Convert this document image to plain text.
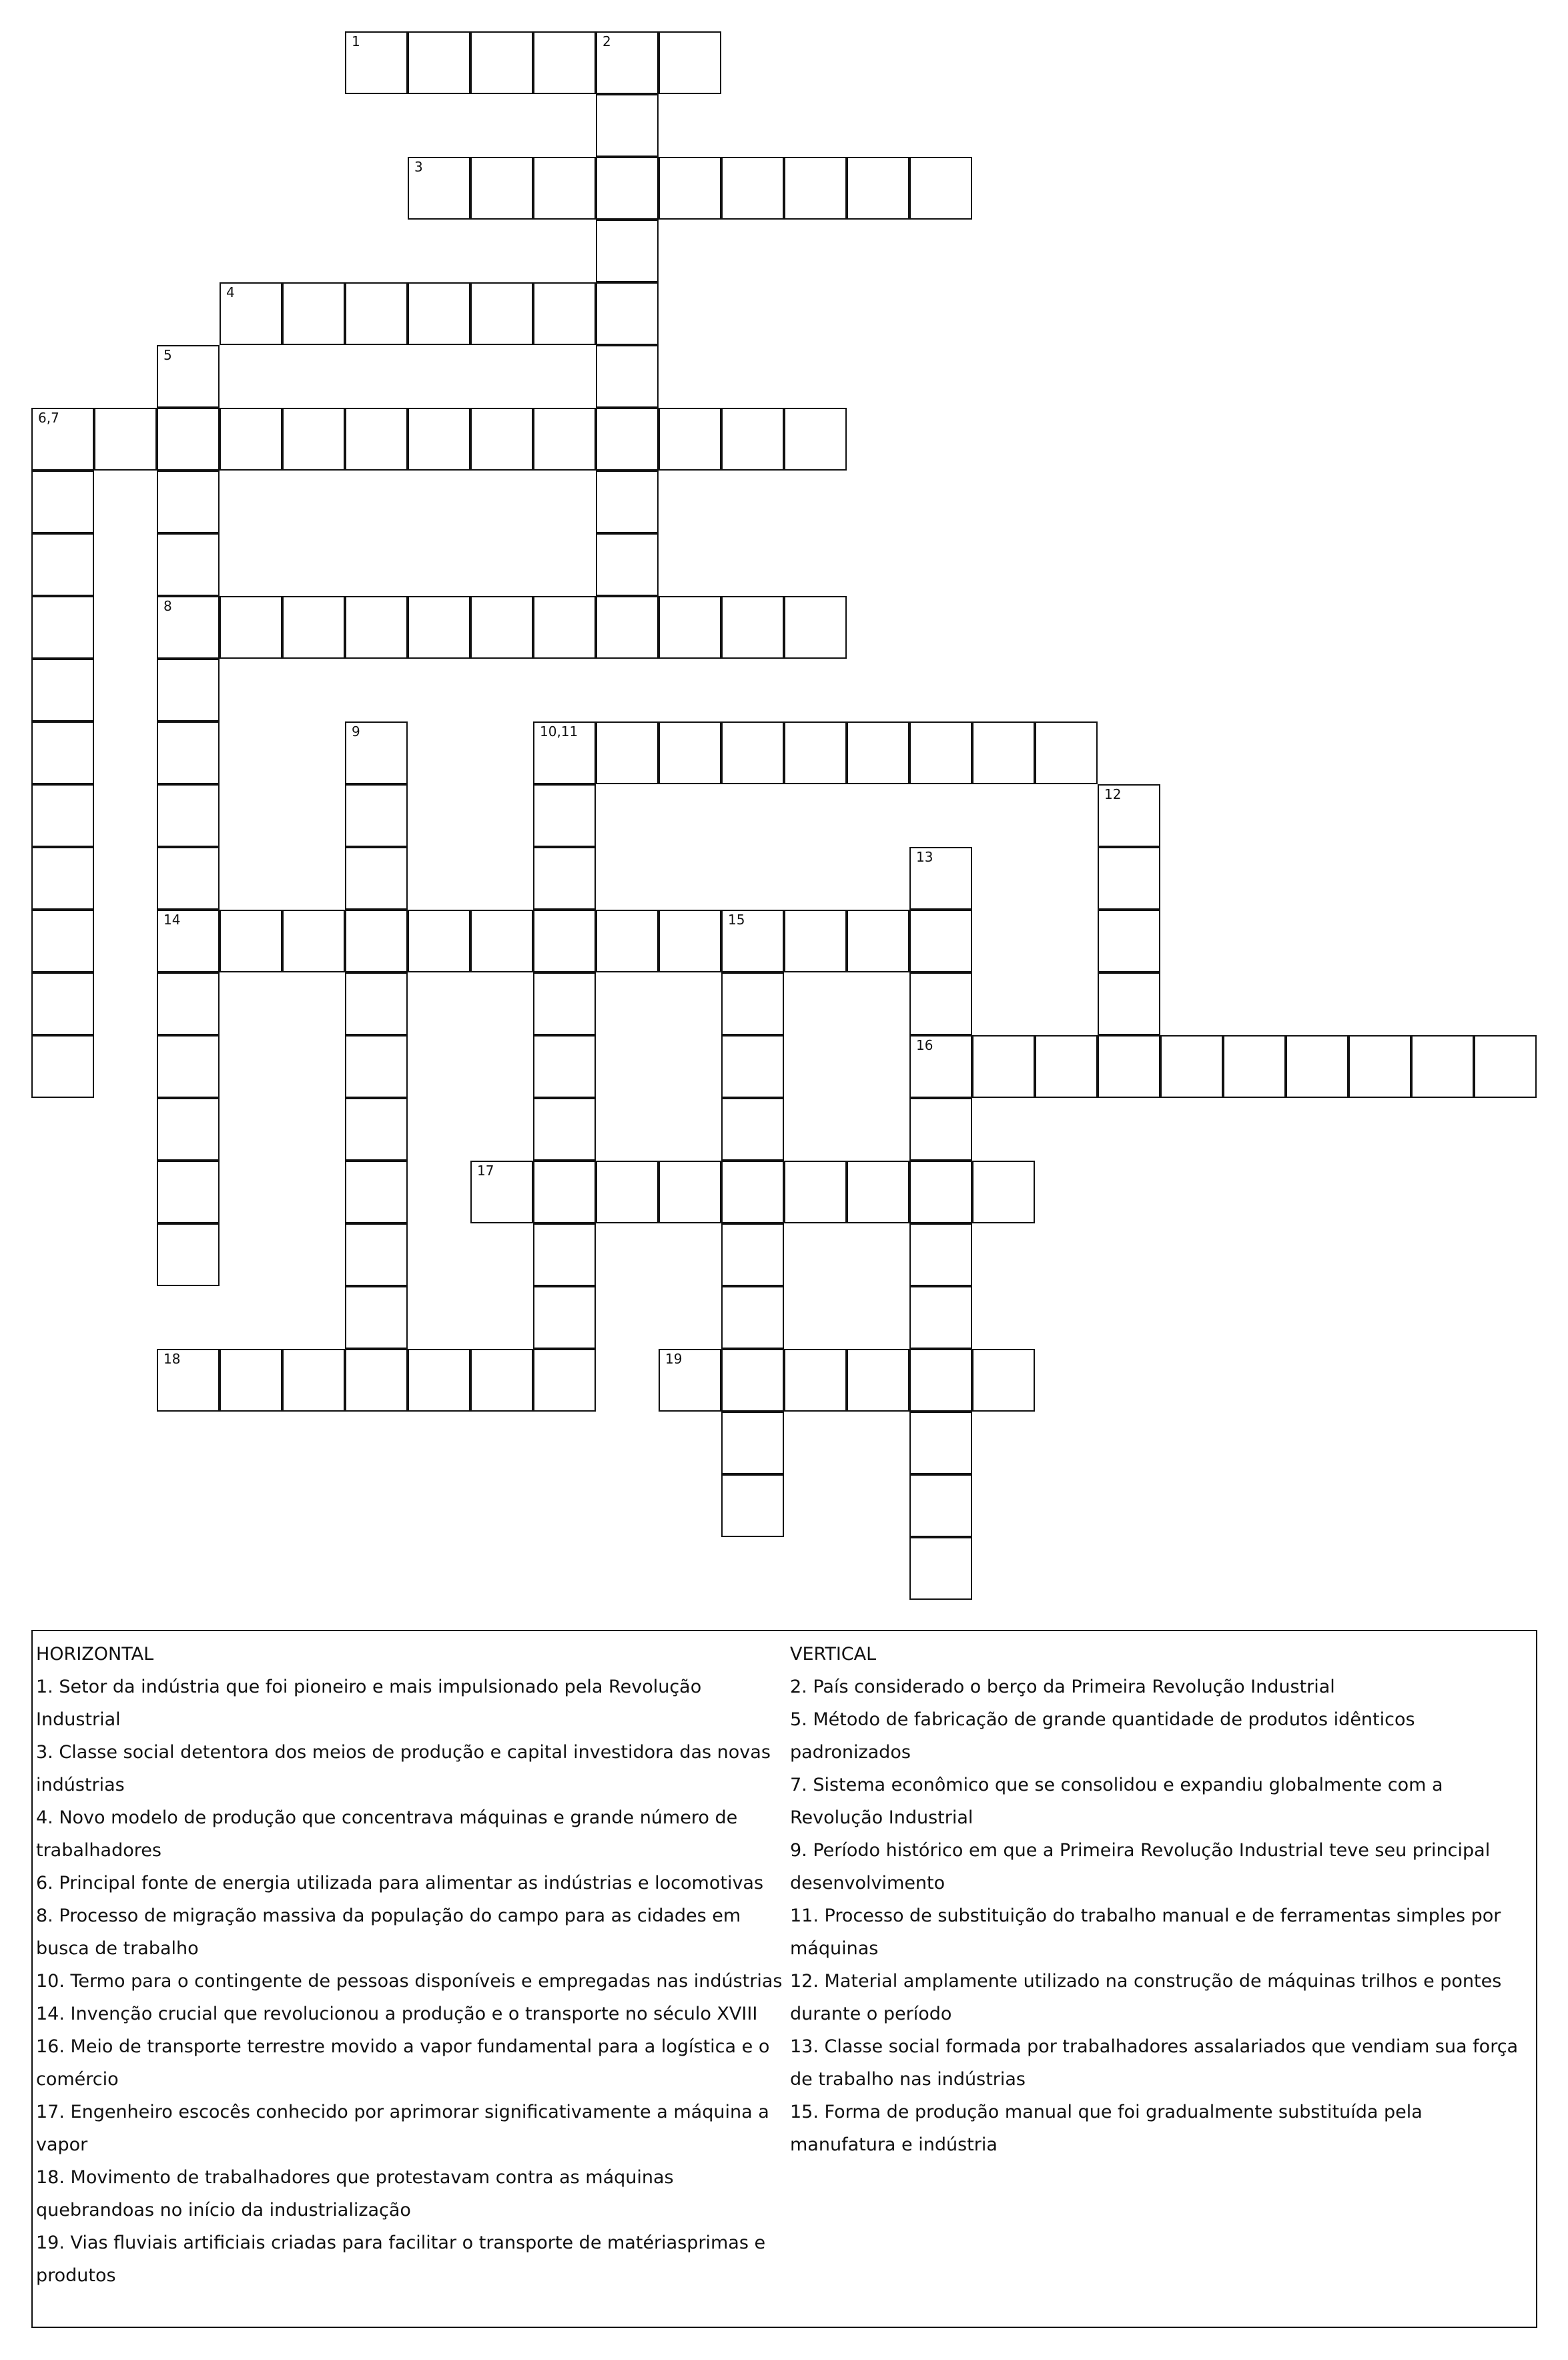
1	2
3
4
6,7
8
10,11
14	15
16
17
18	19
5
9
12
13

HORIZONTAL

1. Setor da indústria que foi pioneiro e mais impulsionado pela Revolução Industrial

3. Classe social detentora dos meios de produção e capital investidora das novas indústrias

4. Novo modelo de produção que concentrava máquinas e grande número de trabalhadores

6. Principal fonte de energia utilizada para alimentar as indústrias e locomotivas

8. Processo de migração massiva da população do campo para as cidades em busca de trabalho

10. Termo para o contingente de pessoas disponíveis e empregadas nas indústrias

14. Invenção crucial que revolucionou a produção e o transporte no século XVIII

16. Meio de transporte terrestre movido a vapor fundamental para a logística e o comércio

17. Engenheiro escocês conhecido por aprimorar significativamente a máquina a vapor

18. Movimento de trabalhadores que protestavam contra as máquinas quebrandoas no início da industrialização

19. Vias fluviais artificiais criadas para facilitar o transporte de matériasprimas e produtos

VERTICAL

2. País considerado o berço da Primeira Revolução Industrial

5. Método de fabricação de grande quantidade de produtos idênticos padronizados

7. Sistema econômico que se consolidou e expandiu globalmente com a Revolução Industrial

9. Período histórico em que a Primeira Revolução Industrial teve seu principal desenvolvimento

11. Processo de substituição do trabalho manual e de ferramentas simples por máquinas

12. Material amplamente utilizado na construção de máquinas trilhos e pontes durante o período

13. Classe social formada por trabalhadores assalariados que vendiam sua força de trabalho nas indústrias

15. Forma de produção manual que foi gradualmente substituída pela manufatura e indústria
